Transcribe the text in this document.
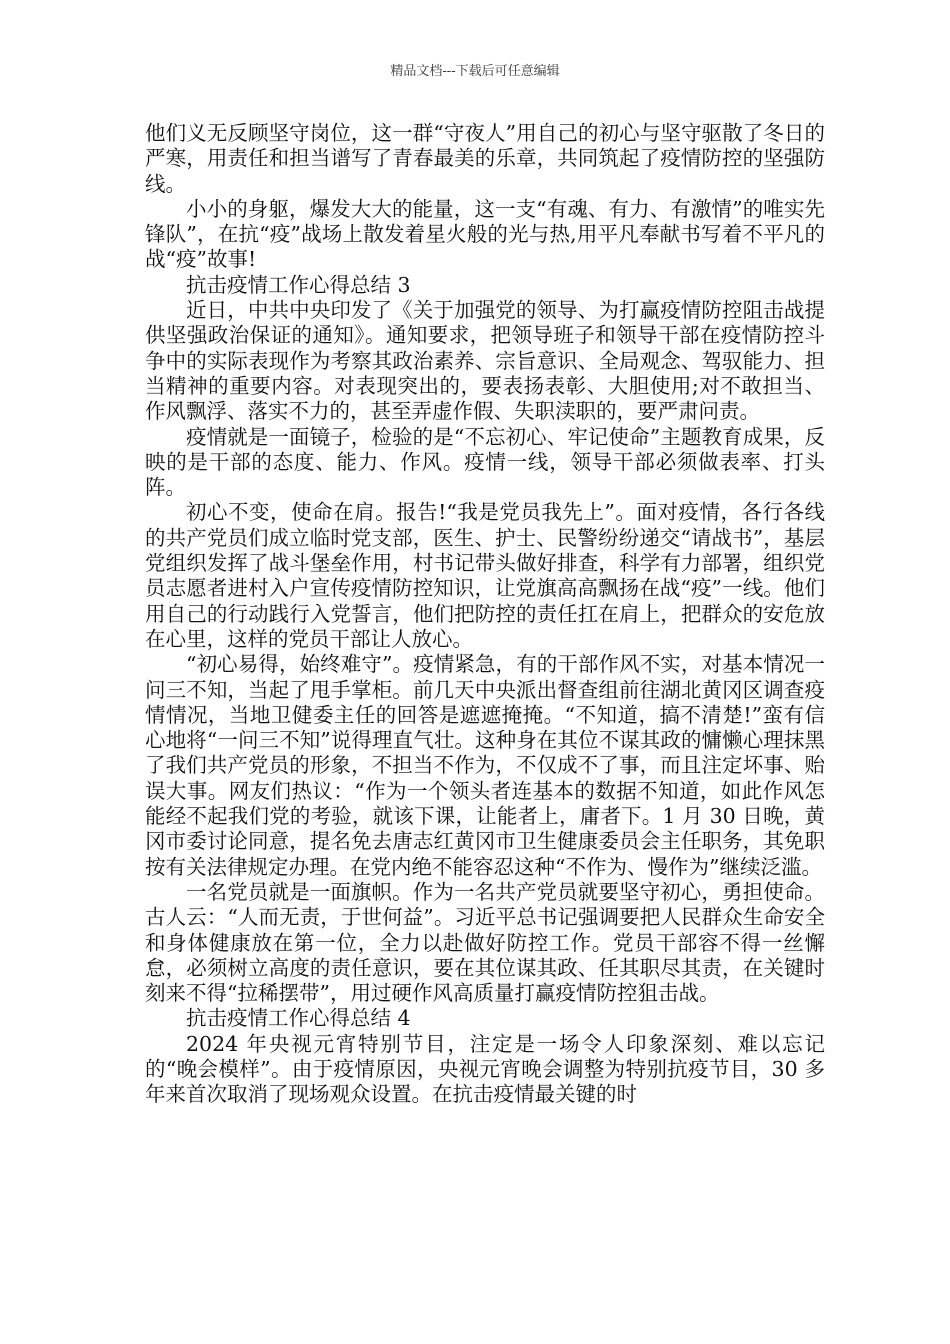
精品文档---下载后可任意编辑

他们义无反顾坚守岗位，这一群“守夜人”用自己的初心与坚守驱散了冬日的严寒，用责任和担当谱写了青春最美的乐章，共同筑起了疫情防控的坚强防线。

小小的身躯，爆发大大的能量，这一支“有魂、有力、有激情”的唯实先锋队”，在抗“疫”战场上散发着星火般的光与热,用平凡奉献书写着不平凡的战“疫”故事!

抗击疫情工作心得总结 3

近日，中共中央印发了《关于加强党的领导、为打赢疫情防控阻击战提供坚强政治保证的通知》。通知要求，把领导班子和领导干部在疫情防控斗争中的实际表现作为考察其政治素养、宗旨意识、全局观念、驾驭能力、担当精神的重要内容。对表现突出的，要表扬表彰、大胆使用;对不敢担当、作风飘浮、落实不力的，甚至弄虚作假、失职渎职的，要严肃问责。

疫情就是一面镜子，检验的是“不忘初心、牢记使命”主题教育成果，反映的是干部的态度、能力、作风。疫情一线，领导干部必须做表率、打头阵。

初心不变，使命在肩。报告!“我是党员我先上”。面对疫情，各行各线的共产党员们成立临时党支部，医生、护士、民警纷纷递交“请战书”，基层党组织发挥了战斗堡垒作用，村书记带头做好排查，科学有力部署，组织党员志愿者进村入户宣传疫情防控知识，让党旗高高飘扬在战“疫”一线。他们用自己的行动践行入党誓言，他们把防控的责任扛在肩上，把群众的安危放在心里，这样的党员干部让人放心。

“初心易得，始终难守”。疫情紧急，有的干部作风不实，对基本情况一问三不知，当起了甩手掌柜。前几天中央派出督查组前往湖北黄冈区调查疫情情况，当地卫健委主任的回答是遮遮掩掩。“不知道，搞不清楚!”蛮有信心地将“一问三不知”说得理直气壮。这种身在其位不谋其政的慵懒心理抹黑了我们共产党员的形象，不担当不作为，不仅成不了事，而且注定坏事、贻误大事。网友们热议：“作为一个领头者连基本的数据不知道，如此作风怎能经不起我们党的考验，就该下课，让能者上，庸者下。1 月 30 日晚，黄冈市委讨论同意，提名免去唐志红黄冈市卫生健康委员会主任职务，其免职按有关法律规定办理。在党内绝不能容忍这种“不作为、慢作为”继续泛滥。

一名党员就是一面旗帜。作为一名共产党员就要坚守初心，勇担使命。古人云：“人而无责，于世何益”。习近平总书记强调要把人民群众生命安全和身体健康放在第一位，全力以赴做好防控工作。党员干部容不得一丝懈怠，必须树立高度的责任意识，要在其位谋其政、任其职尽其责，在关键时刻来不得“拉稀摆带”，用过硬作风高质量打赢疫情防控狙击战。

抗击疫情工作心得总结 4

2024 年央视元宵特别节目，注定是一场令人印象深刻、难以忘记的“晚会模样”。由于疫情原因，央视元宵晚会调整为特别抗疫节目，30 多年来首次取消了现场观众设置。在抗击疫情最关键的时
